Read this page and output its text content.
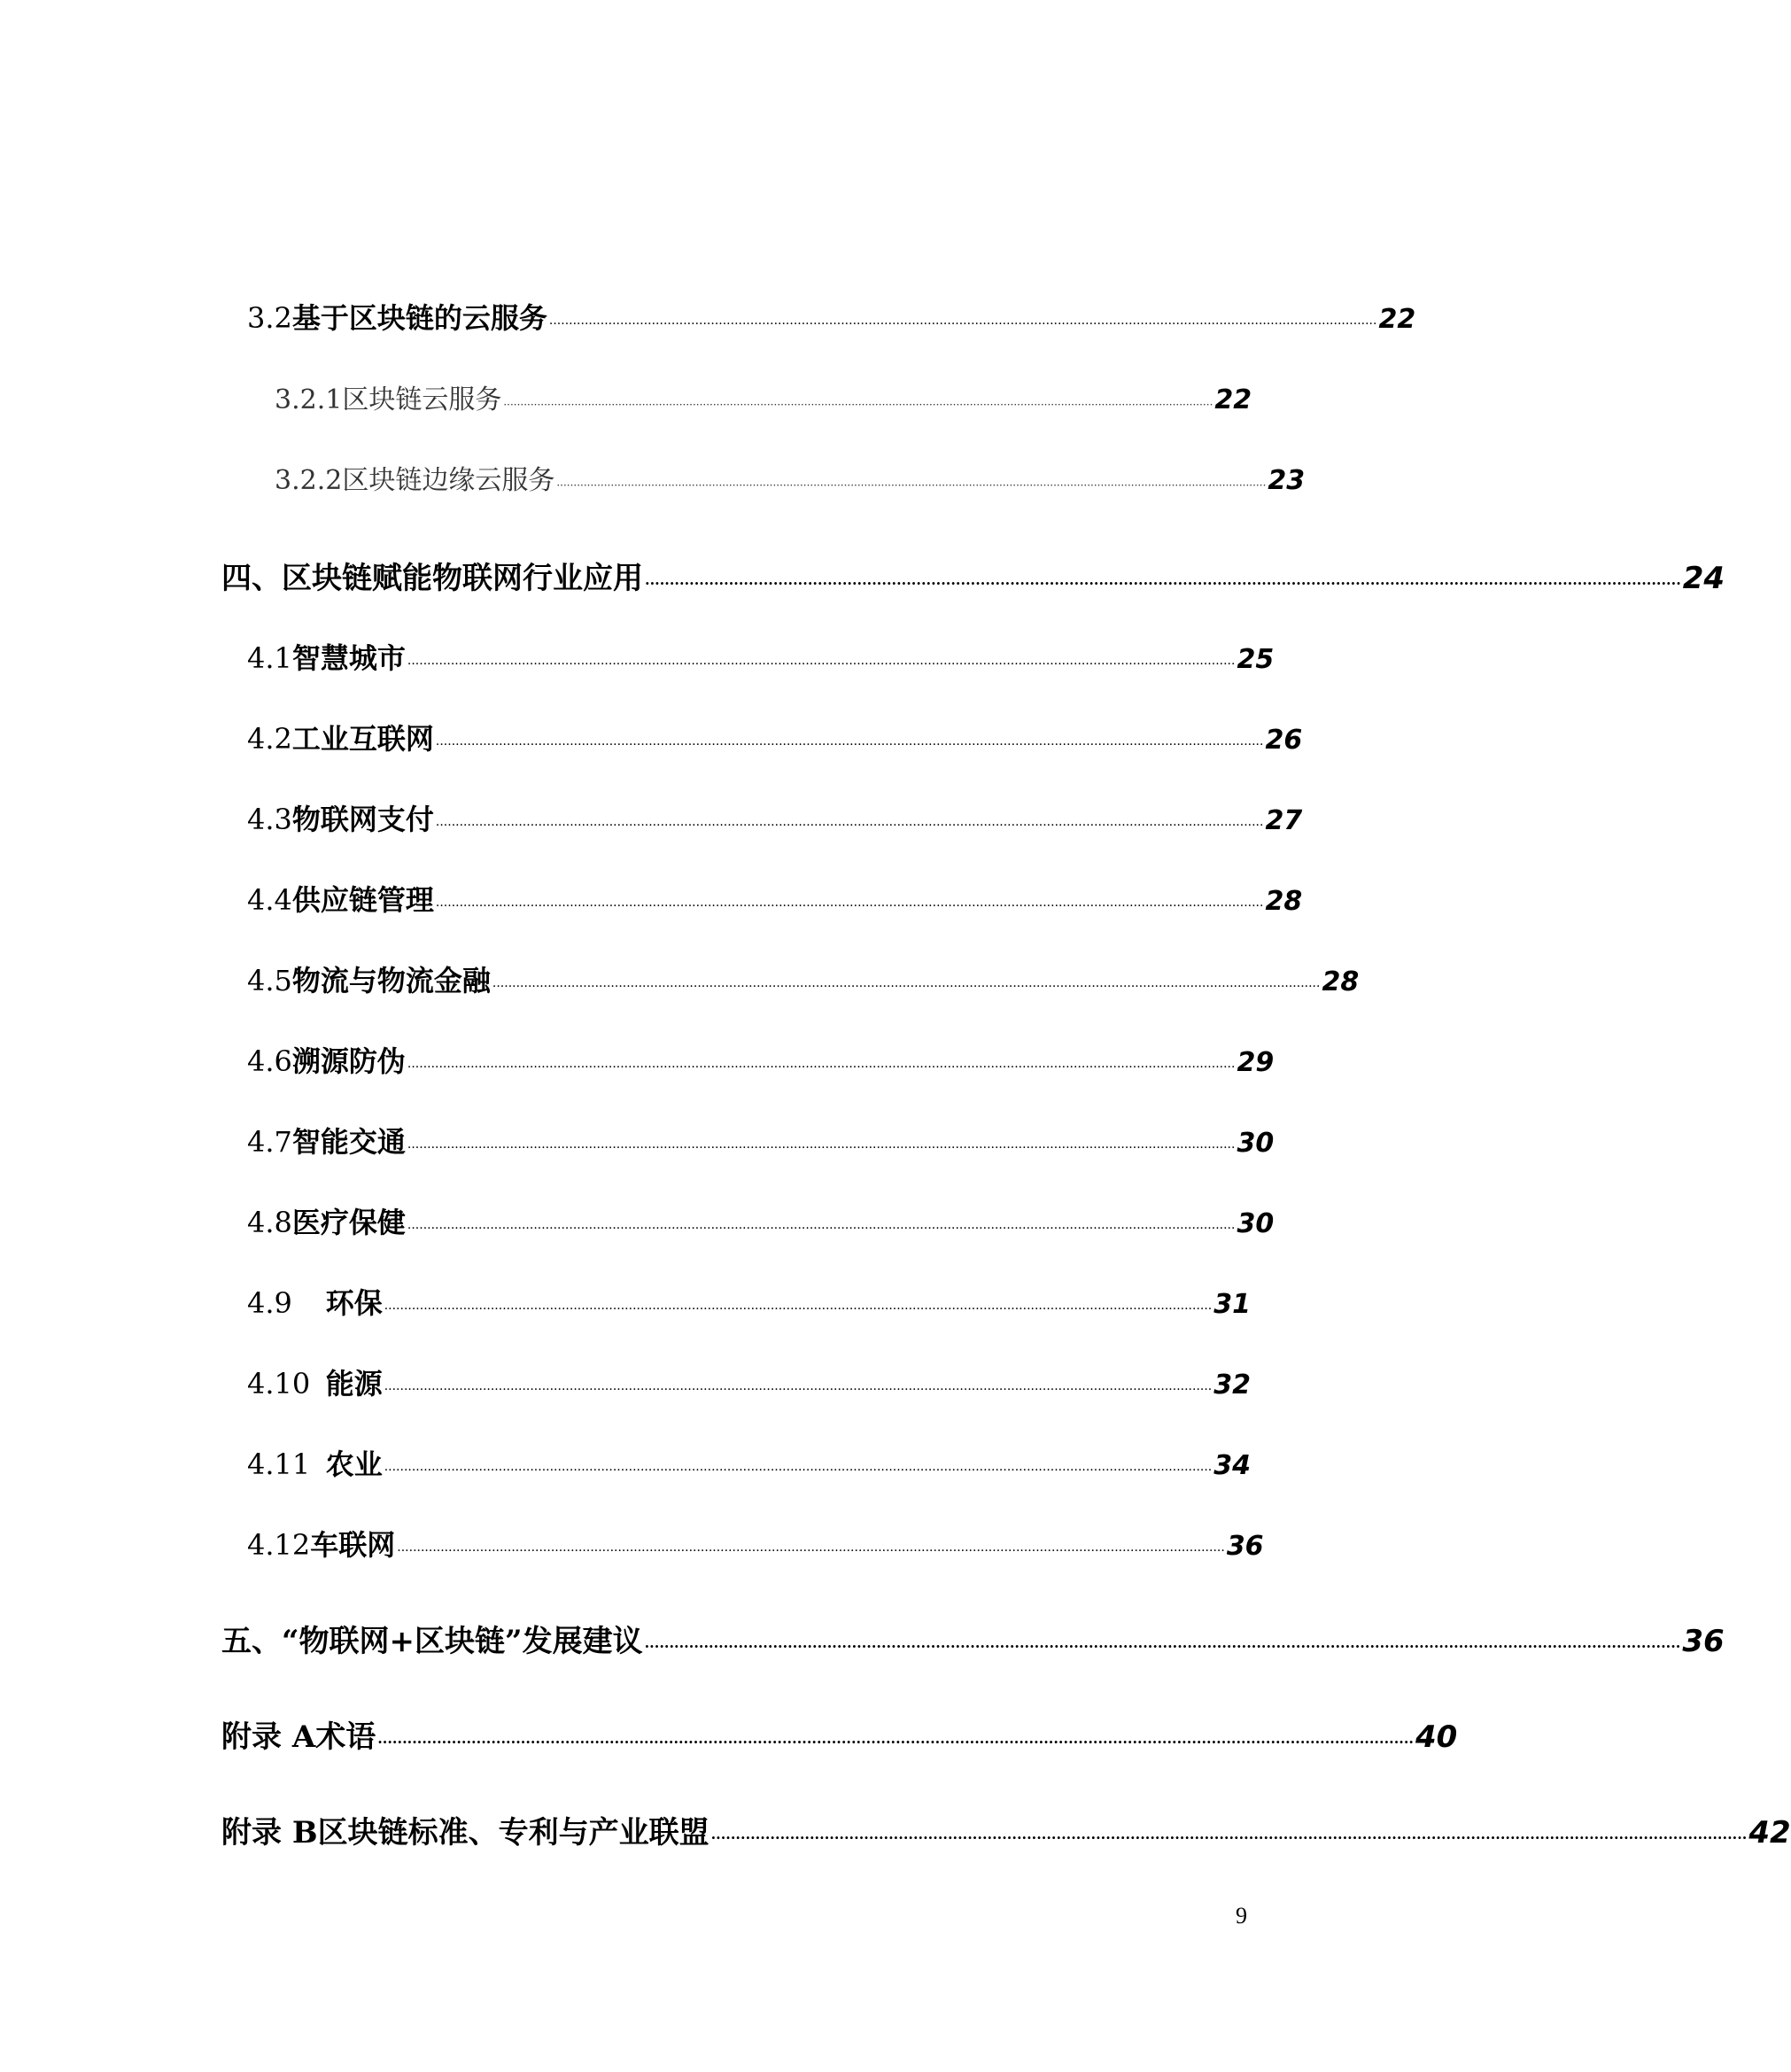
3.2 基于区块链的云服务 ·················································································································································································································· 22
3.2.1 区块链云服务 ·················································································································································································································· 22
3.2.2 区块链边缘云服务 ·················································································································································································································· 23
四、区块链赋能物联网行业应用 ·················································································································································································································· 24
4.1 智慧城市 ·················································································································································································································· 25
4.2 工业互联网 ·················································································································································································································· 26
4.3 物联网支付 ·················································································································································································································· 27
4.4 供应链管理 ·················································································································································································································· 28
4.5 物流与物流金融 ·················································································································································································································· 28
4.6 溯源防伪 ·················································································································································································································· 29
4.7 智能交通 ·················································································································································································································· 30
4.8 医疗保健 ·················································································································································································································· 30
4.9	环保 ·················································································································································································································· 31
4.10 能源 ·················································································································································································································· 32
4.11 农业 ·················································································································································································································· 34
4.12 车联网 ·················································································································································································································· 36
五、“物联网+区块链”发展建议 ·················································································································································································································· 36
附录 A 术语 ·················································································································································································································· 40
附录 B 区块链标准、专利与产业联盟 ·················································································································································································································· 42
9
